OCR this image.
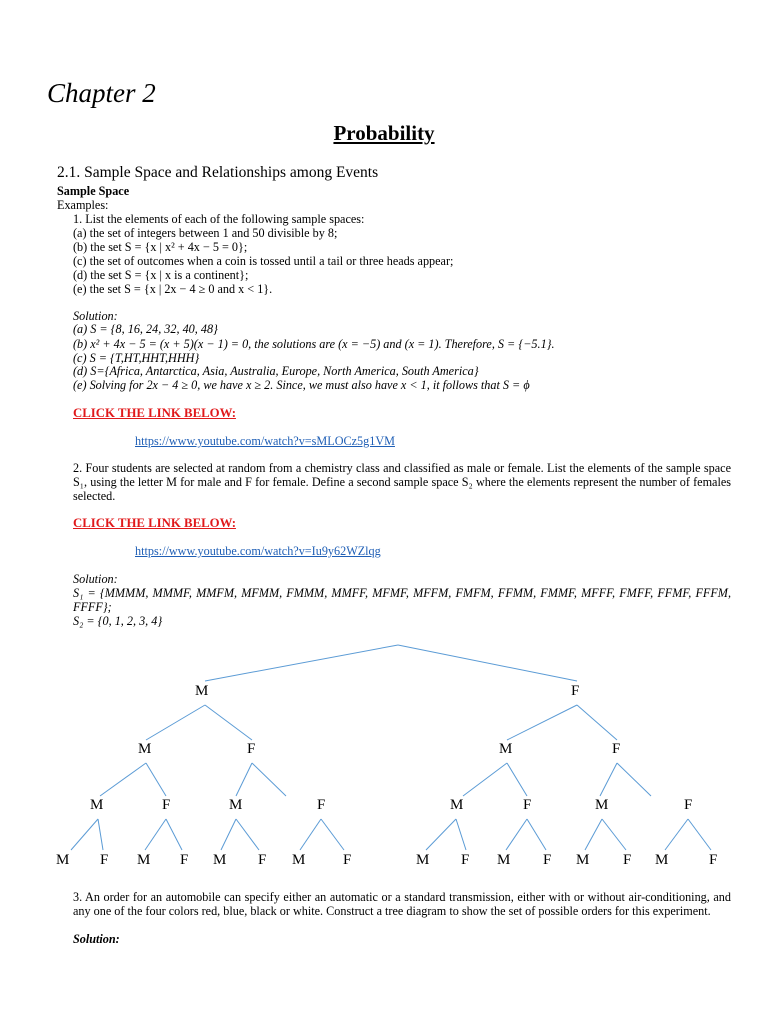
Chapter 2
Probability
2.1. Sample Space and Relationships among Events
Sample Space
Examples:
1. List the elements of each of the following sample spaces:
(a) the set of integers between 1 and 50 divisible by 8;
(b) the set S = {x | x² + 4x − 5 = 0};
(c) the set of outcomes when a coin is tossed until a tail or three heads appear;
(d) the set S = {x | x is a continent};
(e) the set S = {x | 2x − 4 ≥ 0 and x < 1}.
Solution:
(a) S = {8, 16, 24, 32, 40, 48}
(b) x² + 4x − 5 = (x + 5)(x − 1) = 0, the solutions are (x = −5) and (x = 1). Therefore, S = {−5.1}.
(c) S = {T,HT,HHT,HHH}
(d) S={Africa, Antarctica, Asia, Australia, Europe, North America, South America}
(e) Solving for 2x − 4 ≥ 0, we have x ≥ 2. Since, we must also have x < 1, it follows that S = ϕ
CLICK THE LINK BELOW:
https://www.youtube.com/watch?v=sMLOCz5g1VM
2. Four students are selected at random from a chemistry class and classified as male or female. List the elements of the sample space S₁, using the letter M for male and F for female. Define a second sample space S₂ where the elements represent the number of females selected.
CLICK THE LINK BELOW:
https://www.youtube.com/watch?v=Iu9y62WZlqg
Solution:
S₁ = {MMMM, MMMF, MMFM, MFMM, FMMM, MMFF, MFMF, MFFM, FMFM, FFMM, FMMF, MFFF, FMFF, FFMF, FFFM, FFFF};
S₂ = {0, 1, 2, 3, 4}
M	F
M	F	M	F
M	F	M	F	M	F	M	F
M F M F M F M	F	M F M F M F M	F
3. An order for an automobile can specify either an automatic or a standard transmission, either with or without air-conditioning, and any one of the four colors red, blue, black or white. Construct a tree diagram to show the set of possible orders for this experiment.
Solution:
